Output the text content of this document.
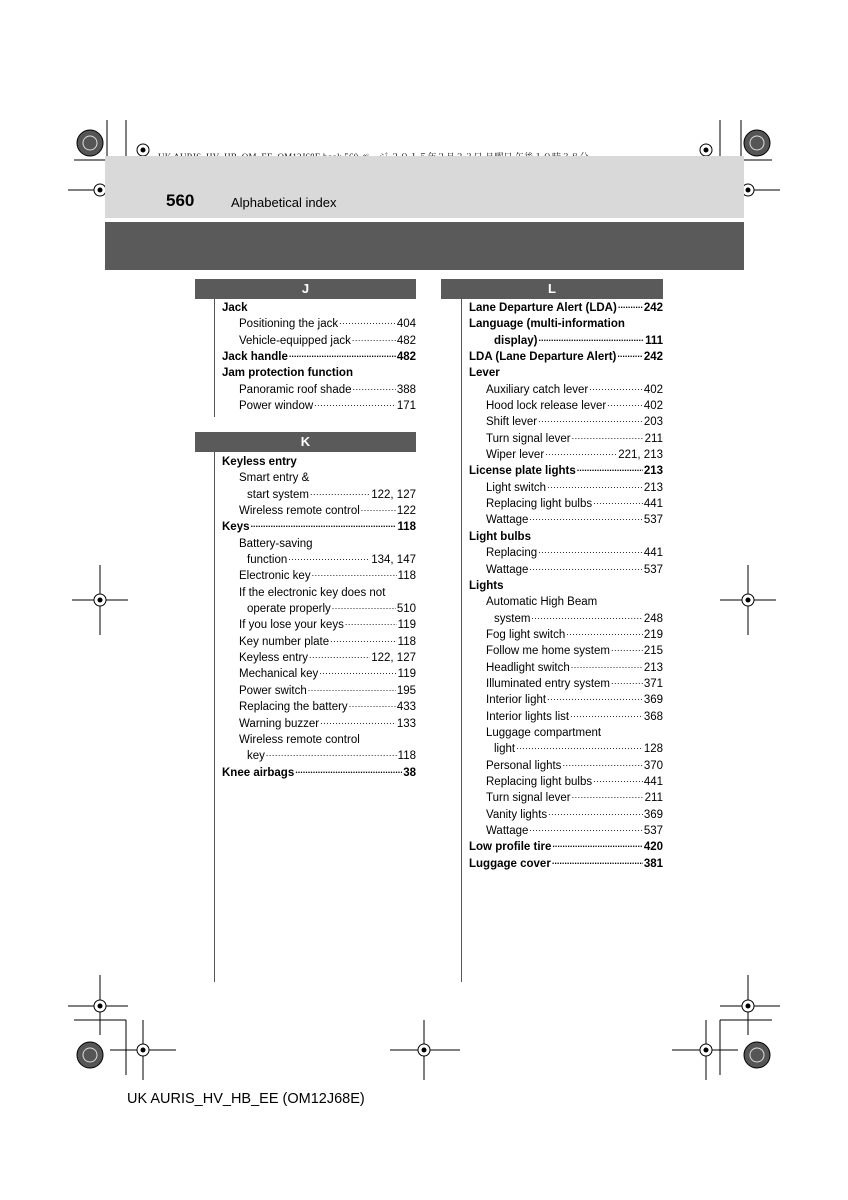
560	Alphabetical index
J
Jack
Positioning the jack .....	404
Vehicle-equipped jack .....	482
Jack handle .....	482
Jam protection function
Panoramic roof shade .....	388
Power window .....	171
K
Keyless entry
Smart entry &
start system .....	122, 127
Wireless remote control .....	122
Keys .....	118
Battery-saving
function .....	134, 147
Electronic key .....	118
If the electronic key does not
operate properly .....	510
If you lose your keys .....	119
Key number plate .....	118
Keyless entry .....	122, 127
Mechanical key .....	119
Power switch .....	195
Replacing the battery .....	433
Warning buzzer .....	133
Wireless remote control
key .....	118
Knee airbags .....	38
L
Lane Departure Alert (LDA) ..... 242
Language (multi-information
display) .....	111
LDA (Lane Departure Alert) ..... 242
Lever
Auxiliary catch lever .....	402
Hood lock release lever .....	402
Shift lever .....	203
Turn signal lever .....	211
Wiper lever .....	221, 213
License plate lights .....	213
Light switch .....	213
Replacing light bulbs .....	441
Wattage .....	537
Light bulbs
Replacing .....	441
Wattage .....	537
Lights
Automatic High Beam
system .....	248
Fog light switch .....	219
Follow me home system .....	215
Headlight switch .....	213
Illuminated entry system .....	371
Interior light .....	369
Interior lights list .....	368
Luggage compartment
light .....	128
Personal lights .....	370
Replacing light bulbs .....	441
Turn signal lever .....	211
Vanity lights .....	369
Wattage .....	537
Low profile tire .....	420
Luggage cover .....	381
UK AURIS_HV_HB_EE (OM12J68E)
